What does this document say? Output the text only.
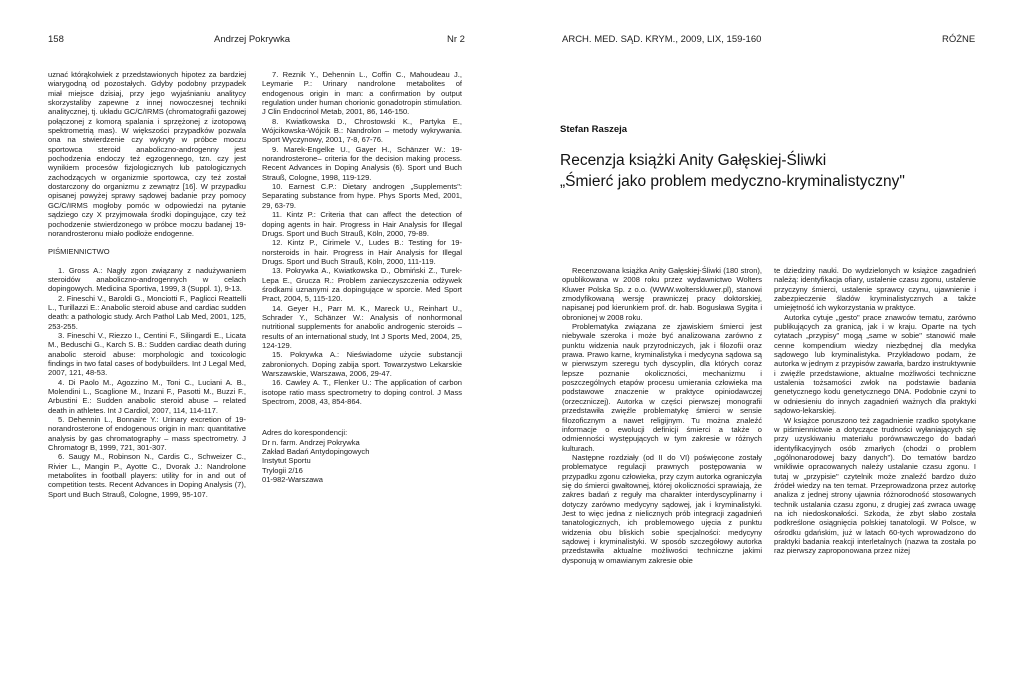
158	Andrzej Pokrywka	Nr 2

uznać którąkolwiek z przedstawionych hipotez za bardziej wiarygodną od pozostałych. Gdyby podobny przypadek miał miejsce dzisiaj, przy jego wyjaśnianiu analitycy skorzystaliby zapewne z innej nowoczesnej techniki analitycznej, tj. układu GC/C/IRMS (chromatografii gazowej połączonej z komorą spalania i sprzężonej z izotopową spektrometrią mas). W większości przypadków pozwala ona na stwierdzenie czy wykryty w próbce moczu sportowca steroid anaboliczno-androgenny jest pochodzenia endoczy też egzogennego, tzn. czy jest wynikiem procesów fizjologicznych lub patologicznych zachodzących w organizmie sportowca, czy też został dostarczony do organizmu z zewnątrz [16]. W przypadku opisanej powyżej sprawy sądowej badanie przy pomocy GC/C/IRMS mogłoby pomóc w odpowiedzi na pytanie sądziego czy X przyjmowała środki dopingujące, czy też pochodzenie stwierdzonego w próbce moczu badanej 19-norandrosteronu miało podłoże endogenne.

PIŚMIENNICTWO

1. Gross A.: Nagły zgon związany z nadużywaniem steroidów anaboliczno-androgennych w celach dopingowych. Medicina Sportiva, 1999, 3 (Suppl. 1), 9-13.

2. Fineschi V., Baroldi G., Monciotti F., Paglicci Reattelli L., Turillazzi E.: Anabolic steroid abuse and cardiac sudden death: a pathologic study. Arch Pathol Lab Med, 2001, 125, 253-255.

3. Fineschi V., Riezzo I., Centini F., Silingardi E., Licata M., Beduschi G., Karch S. B.: Sudden cardiac death during anabolic steroid abuse: morphologic and toxicologic findings in two fatal cases of bodybuilders. Int J Legal Med, 2007, 121, 48-53.

4. Di Paolo M., Agozzino M., Toni C., Luciani A. B., Molendini L., Scaglione M., Inzani F., Pasotti M., Buzzi F., Arbustini E.: Sudden anabolic steroid abuse – related death in athletes. Int J Cardiol, 2007, 114, 114-117.

5. Dehennin L., Bonnaire Y.: Urinary excretion of 19-norandrosterone of endogenous origin in man: quantitative analysis by gas chromatography – mass spectrometry. J Chromatogr B, 1999, 721, 301-307.

6. Saugy M., Robinson N., Cardis C., Schweizer C., Rivier L., Mangin P., Ayotte C., Dvorak J.: Nandrolone metabolites in football players: utility for in and out of competition tests. Recent Advances in Doping Analysis (7), Sport und Buch Strauß, Cologne, 1999, 95-107.

7. Reznik Y., Dehennin L., Coffin C., Mahoudeau J., Leymarie P.: Urinary nandrolone metabolites of endogenous origin in man: a confirmation by output regulation under human chorionic gonadotropin stimulation. J Clin Endocrinol Metab, 2001, 86, 146-150.

8. Kwiatkowska D., Chrostowski K., Partyka E., Wójcikowska-Wójcik B.: Nandrolon – metody wykrywania. Sport Wyczynowy, 2001, 7-8, 67-76.

9. Marek-Engelke U., Gayer H., Schänzer W.: 19-norandrosterone– criteria for the decision making process. Recent Advances in Doping Analysis (6). Sport und Buch Strauß, Cologne, 1998, 119-129.

10. Earnest C.P.: Dietary androgen „Supplements": Separating substance from hype. Phys Sports Med, 2001, 29, 63-79.

11. Kintz P.: Criteria that can affect the detection of doping agents in hair. Progress in Hair Analysis for Illegal Drugs. Sport und Buch Strauß, Köln, 2000, 79-89.

12. Kintz P., Cirimele V., Ludes B.: Testing for 19-norsteroids in hair. Progress in Hair Analysis for Illegal Drugs. Sport und Buch Strauß, Köln, 2000, 111-119.

13. Pokrywka A., Kwiatkowska D., Obmiński Z., Turek-Lepa E., Grucza R.: Problem zanieczyszczenia odżywek środkami uznanymi za dopingujące w sporcie. Med Sport Pract, 2004, 5, 115-120.

14. Geyer H., Parr M. K., Mareck U., Reinhart U., Schrader Y., Schänzer W.: Analysis of nonhormonal nutritional supplements for anabolic androgenic steroids – results of an international study, Int J Sports Med, 2004, 25, 124-129.

15. Pokrywka A.: Nieświadome użycie substancji zabronionych. Doping zabija sport. Towarzystwo Lekarskie Warszawskie, Warszawa, 2006, 29-47.

16. Cawley A. T., Flenker U.: The application of carbon isotope ratio mass spectrometry to doping control. J Mass Spectrom, 2008, 43, 854-864.

Adres do korespondencji:
Dr n. farm. Andrzej Pokrywka
Zakład Badań Antydopingowych
Instytut Sportu
Trylogii 2/16
01-982-Warszawa
ARCH. MED. SĄD. KRYM., 2009, LIX, 159-160	RÓŻNE

Recenzowana książka Anity Gałęskiej-Śliwki (180 stron), opublikowana w 2008 roku przez wydawnictwo Wolters Kluwer Polska Sp. z o.o. (WWW.wolterskluwer.pl), stanowi zmodyfikowaną wersję prawniczej pracy doktorskiej, napisanej pod kierunkiem prof. dr. hab. Bogusława Sygita i obronionej w 2008 roku.

Problematyka związana ze zjawiskiem śmierci jest niebywale szeroka i może być analizowana zarówno z punktu widzenia nauk przyrodniczych, jak i filozofii oraz prawa. Prawo karne, kryminalistyka i medycyna sądowa są w pierwszym szeregu tych dyscyplin, dla których coraz lepsze poznanie okoliczności, mechanizmu i poszczególnych etapów procesu umierania człowieka ma podstawowe znaczenie w praktyce opiniodawczej (orzeczniczej). Autorka w części pierwszej monografii przedstawiła zwięźle problematykę śmierci w sensie filozoficznym a nawet religijnym. Tu można znaleźć informacje o ewolucji definicji śmierci a także o odmienności występujących w tym zakresie w różnych kulturach.

Następne rozdziały (od II do VI) poświęcone zostały problematyce regulacji prawnych postępowania w przypadku zgonu człowieka, przy czym autorka ograniczyła się do śmierci gwałtownej, której okoliczności sprawiają, że zakres badań z reguły ma charakter interdyscyplinarny i dotyczy zarówno medycyny sądowej, jak i kryminalistyki. Jest to więc jedna z nielicznych prób integracji zagadnień tanatologicznych, ich problemowego ujęcia z punktu widzenia obu bliskich sobie specjalności: medycyny sądowej i kryminalistyki. W sposób szczegółowy autorka przedstawiła aktualne możliwości techniczne jakimi dysponują w omawianym zakresie obie

te dziedziny nauki. Do wydzielonych w książce zagadnień należą: identyfikacja ofiary, ustalenie czasu zgonu, ustalenie przyczyny śmierci, ustalenie sprawcy czynu, ujawnienie i zabezpieczenie śladów kryminalistycznych a także umiejętność ich wykorzystania w praktyce.

Autorka cytuje „gesto" prace znawców tematu, zarówno publikujących za granicą, jak i w kraju. Oparte na tych cytatach „przypisy" mogą „same w sobie" stanowić małe cenne kompendium wiedzy niezbędnej dla medyka sądowego lub kryminalistyka. Przykładowo podam, że autorka w jednym z przypisów zawarła, bardzo instruktywnie i zwięźle przedstawione, aktualne możliwości techniczne ustalenia tożsamości zwłok na podstawie badania genetycznego kodu genetycznego DNA. Podobnie czyni to w odniesieniu do innych zagadnień ważnych dla praktyki sądowo-lekarskiej.

W książce poruszono też zagadnienie rzadko spotykane w piśmiennictwie a dotyczące trudności wyłaniających się przy uzyskiwaniu materiału porównawczego do badań identyfikacyjnych osób zmarłych (chodzi o problem „ogólnonarodowej bazy danych"). Do tematów bardzo wnikliwie opracowanych należy ustalanie czasu zgonu. I tutaj w „przypisie" czytelnik może znaleźć bardzo dużo źródeł wiedzy na ten temat. Przeprowadzona przez autorkę analiza z jednej strony ujawnia różnorodność stosowanych technik ustalania czasu zgonu, z drugiej zaś zwraca uwagę na ich niedoskonałości. Szkoda, że zbyt słabo została podkreślone osiągnięcia polskiej tanatologii. W Polsce, w ośrodku gdańskim, już w latach 60-tych wprowadzono do praktyki badania reakcji interletalnych (nazwa ta została po raz pierwszy zaproponowana przez niżej

Stefan Raszeja
Recenzja książki Anity Gałęskiej-Śliwki
„Śmierć jako problem medyczno-kryminalistyczny"
